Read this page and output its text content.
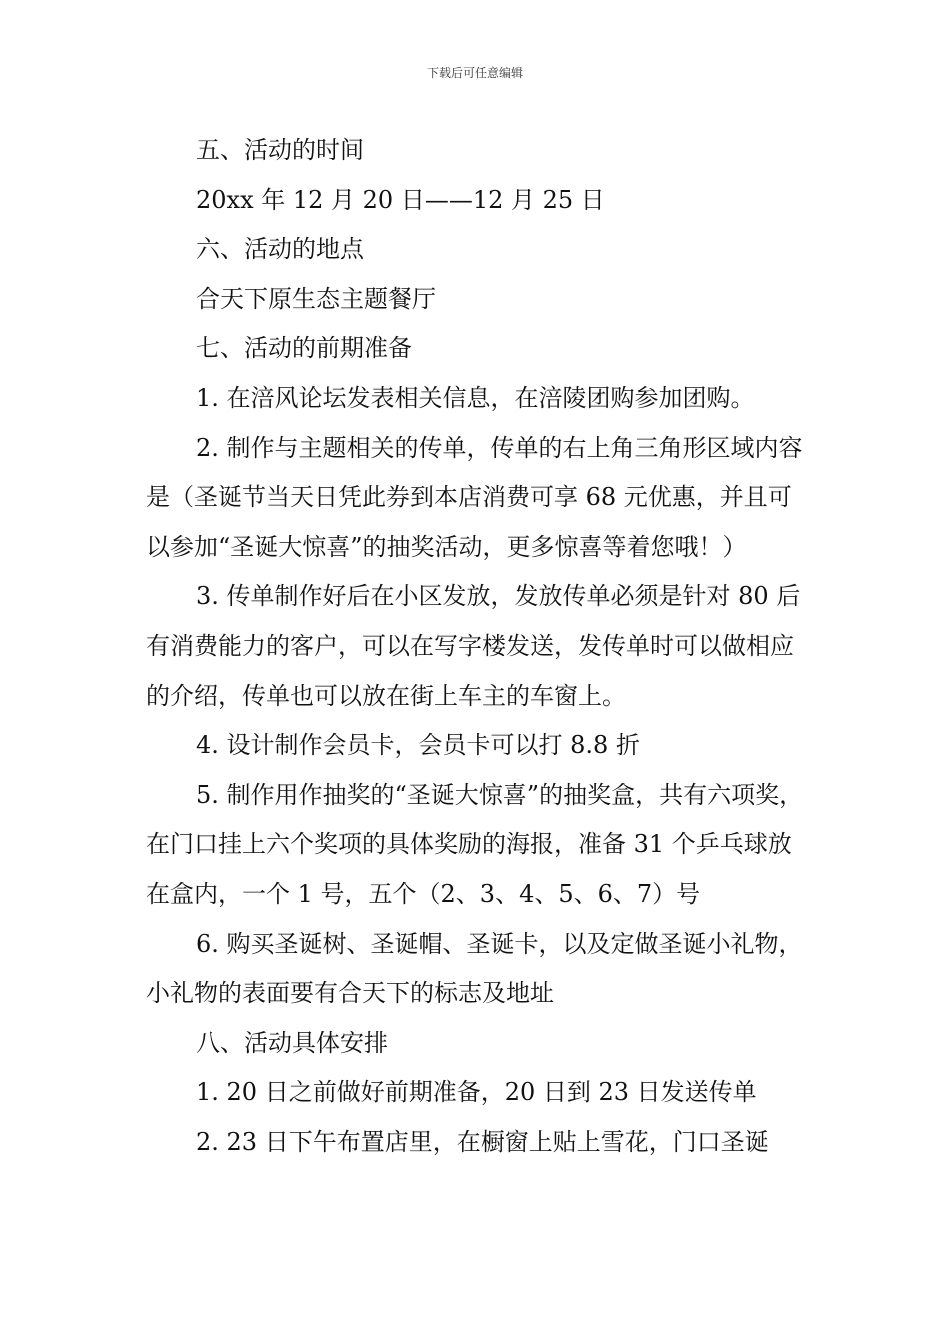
下载后可任意编辑

五、活动的时间

20xx 年 12 月 20 日——12 月 25 日

六、活动的地点

合天下原生态主题餐厅

七、活动的前期准备

1. 在涪风论坛发表相关信息，在涪陵团购参加团购。

2. 制作与主题相关的传单，传单的右上角三角形区域内容是（圣诞节当天日凭此券到本店消费可享 68 元优惠，并且可以参加“圣诞大惊喜”的抽奖活动，更多惊喜等着您哦！）

3. 传单制作好后在小区发放，发放传单必须是针对 80 后有消费能力的客户，可以在写字楼发送，发传单时可以做相应的介绍，传单也可以放在街上车主的车窗上。

4. 设计制作会员卡，会员卡可以打 8.8 折

5. 制作用作抽奖的“圣诞大惊喜”的抽奖盒，共有六项奖，在门口挂上六个奖项的具体奖励的海报，准备 31 个乒乓球放在盒内，一个 1 号，五个（2、3、4、5、6、7）号

6. 购买圣诞树、圣诞帽、圣诞卡，以及定做圣诞小礼物，小礼物的表面要有合天下的标志及地址

八、活动具体安排

1. 20 日之前做好前期准备，20 日到 23 日发送传单

2. 23 日下午布置店里，在橱窗上贴上雪花，门口圣诞
